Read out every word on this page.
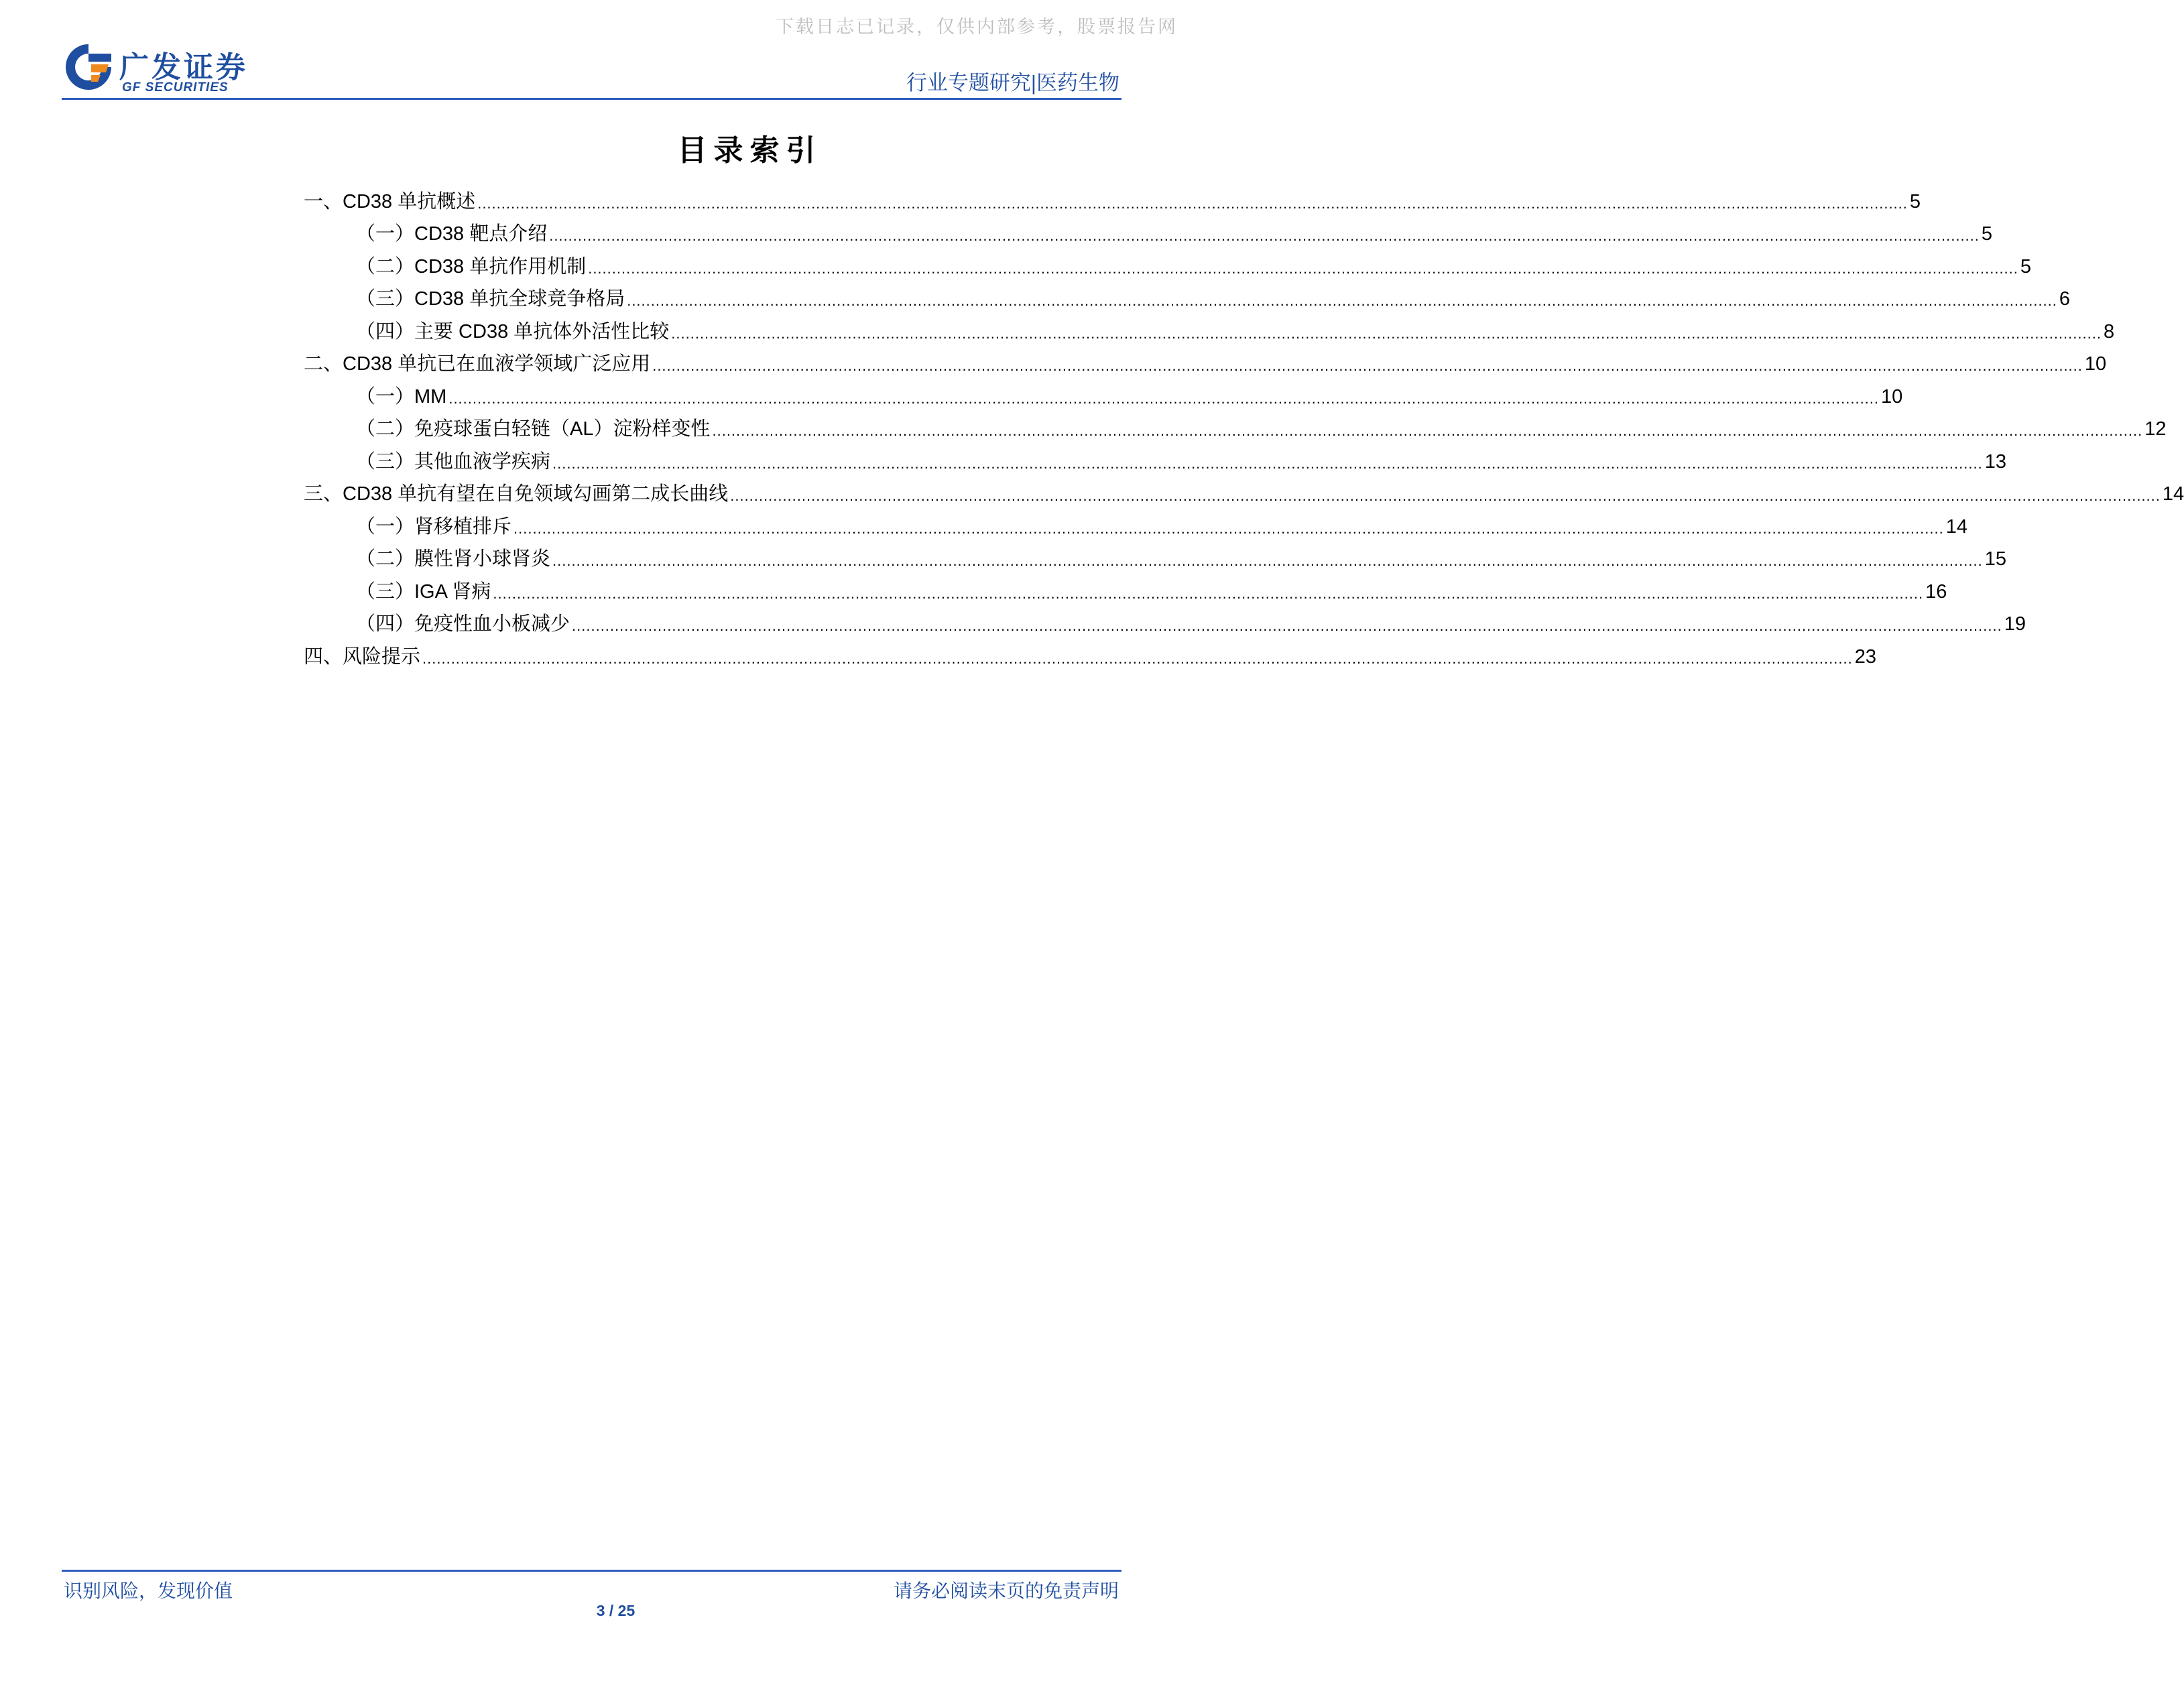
下载日志已记录，仅供内部参考，股票报告网
广发证券
GF SECURITIES	行业专题研究|医药生物
目录索引
一、CD38 单抗概述 ............................................................................................................................................................................................................................................................................................................ 5
（一）CD38 靶点介绍 ............................................................................................................................................................................................................................................................................................................ 5
（二）CD38 单抗作用机制 ............................................................................................................................................................................................................................................................................................................ 5
（三）CD38 单抗全球竞争格局 ............................................................................................................................................................................................................................................................................................................ 6
（四）主要 CD38 单抗体外活性比较 ............................................................................................................................................................................................................................................................................................................ 8
二、CD38 单抗已在血液学领域广泛应用 ............................................................................................................................................................................................................................................................................................................ 10
（一）MM ............................................................................................................................................................................................................................................................................................................ 10
（二）免疫球蛋白轻链（AL）淀粉样变性 ............................................................................................................................................................................................................................................................................................................ 12
（三）其他血液学疾病 ............................................................................................................................................................................................................................................................................................................ 13
三、CD38 单抗有望在自免领域勾画第二成长曲线 ............................................................................................................................................................................................................................................................................................................ 14
（一）肾移植排斥 ............................................................................................................................................................................................................................................................................................................ 14
（二）膜性肾小球肾炎 ............................................................................................................................................................................................................................................................................................................ 15
（三）IGA 肾病 ............................................................................................................................................................................................................................................................................................................ 16
（四）免疫性血小板减少 ............................................................................................................................................................................................................................................................................................................ 19
四、风险提示 ............................................................................................................................................................................................................................................................................................................ 23
识别风险，发现价值	请务必阅读末页的免责声明
3 / 25
